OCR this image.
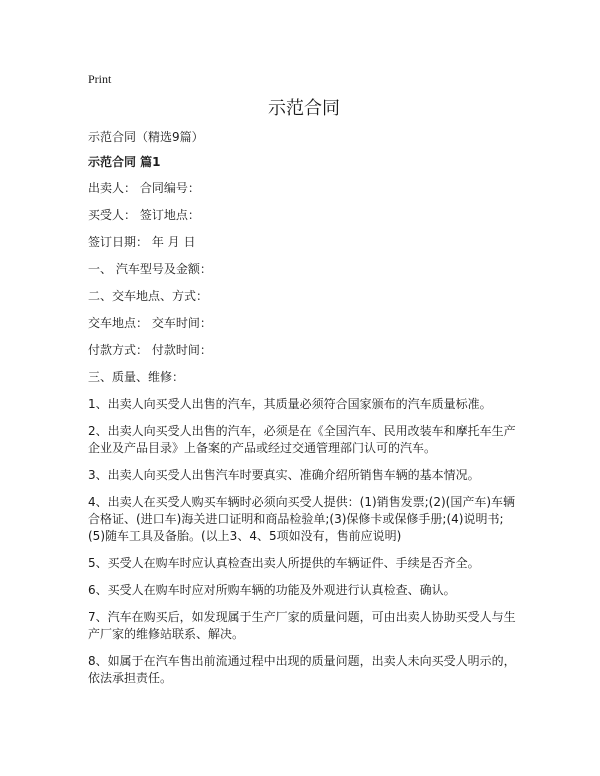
Print
示范合同
示范合同（精选9篇）
示范合同 篇1

出卖人： 合同编号：

买受人： 签订地点：

签订日期： 年 月 日

一、 汽车型号及金额：

二、交车地点、方式：

交车地点： 交车时间：

付款方式： 付款时间：

三、质量、维修：

1、出卖人向买受人出售的汽车，其质量必须符合国家颁布的汽车质量标准。

2、出卖人向买受人出售的汽车，必须是在《全国汽车、民用改装车和摩托车生产企业及产品目录》上备案的产品或经过交通管理部门认可的汽车。

3、出卖人向买受人出售汽车时要真实、准确介绍所销售车辆的基本情况。

4、出卖人在买受人购买车辆时必须向买受人提供：(1)销售发票;(2)(国产车)车辆合格证、(进口车)海关进口证明和商品检验单;(3)保修卡或保修手册;(4)说明书;(5)随车工具及备胎。(以上3、4、5项如没有，售前应说明)

5、买受人在购车时应认真检查出卖人所提供的车辆证件、手续是否齐全。

6、买受人在购车时应对所购车辆的功能及外观进行认真检查、确认。

7、汽车在购买后，如发现属于生产厂家的质量问题，可由出卖人协助买受人与生产厂家的维修站联系、解决。

8、如属于在汽车售出前流通过程中出现的质量问题，出卖人未向买受人明示的，依法承担责任。
